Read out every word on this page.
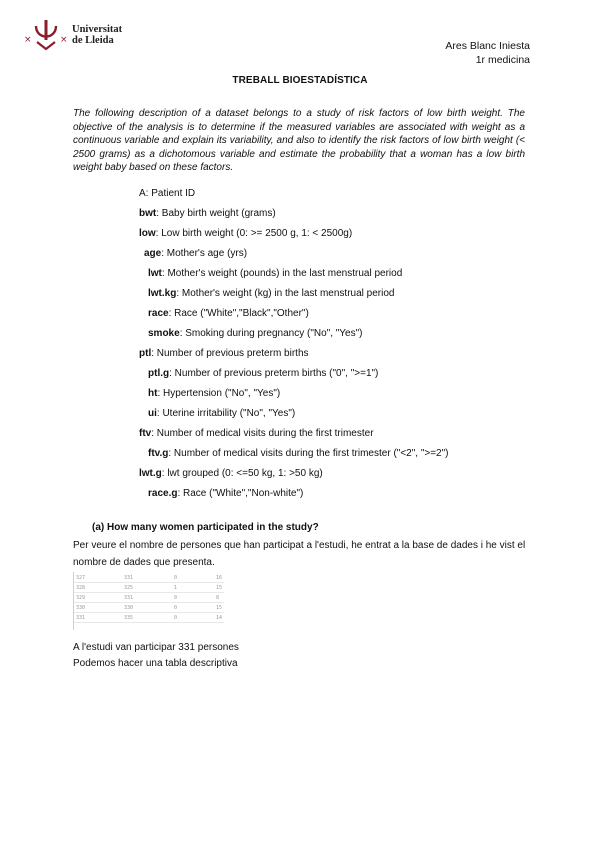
×	×
Universitat
de Lleida	Ares Blanc Iniesta
1r medicina
TREBALL BIOESTADÍSTICA
The following description of a dataset belongs to a study of risk factors of low birth weight. The objective of the analysis is to determine if the measured variables are associated with weight as a continuous variable and explain its variability, and also to identify the risk factors of low birth weight (< 2500 grams) as a dichotomous variable and estimate the probability that a woman has a low birth weight baby based on these factors.
A: Patient ID
bwt: Baby birth weight (grams)
low: Low birth weight (0: >= 2500 g, 1: < 2500g)
age: Mother's age (yrs)
lwt: Mother's weight (pounds) in the last menstrual period
lwt.kg: Mother's weight (kg) in the last menstrual period
race: Race ("White","Black","Other")
smoke: Smoking during pregnancy ("No", "Yes")
ptl: Number of previous preterm births
ptl.g: Number of previous preterm births ("0", ">=1")
ht: Hypertension ("No", "Yes")
ui: Uterine irritability ("No", "Yes")
ftv: Number of medical visits during the first trimester
ftv.g: Number of medical visits during the first trimester ("<2", ">=2")
lwt.g: lwt grouped (0: <=50 kg, 1: >50 kg)
race.g: Race ("White","Non-white")
(a) How many women participated in the study?
Per veure el nombre de persones que han participat a l'estudi, he entrat a la base de dades i he vist el nombre de dades que presenta.
327	331	0	16
328	325	1	15
329	331	0	8
330	330	0	15
331	335	0	14
A l'estudi van participar 331 persones
Podemos hacer una tabla descriptiva
